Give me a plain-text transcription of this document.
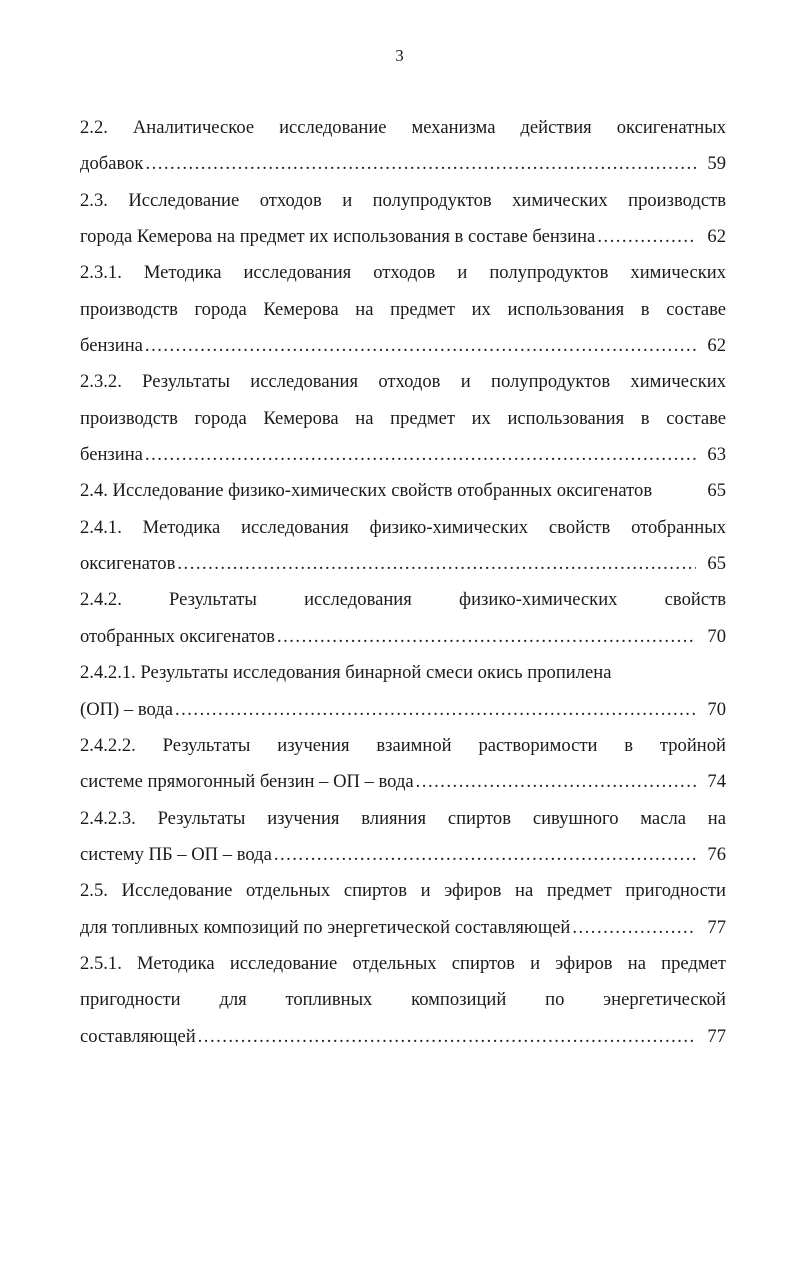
3
2.2. Аналитическое исследование механизма действия оксигенатных
добавок .....	59
2.3. Исследование отходов и полупродуктов химических производств
города Кемерова на предмет их использования в составе бензина .....	62
2.3.1. Методика исследования отходов и полупродуктов химических
производств города Кемерова на предмет их использования в составе
бензина .....	62
2.3.2. Результаты исследования отходов и полупродуктов химических
производств города Кемерова на предмет их использования в составе
бензина .....	63
2.4. Исследование физико-химических свойств отобранных оксигенатов	65
2.4.1. Методика исследования физико-химических свойств отобранных
оксигенатов .....	65
2.4.2. Результаты исследования физико-химических свойств
отобранных оксигенатов .....	70
2.4.2.1. Результаты исследования бинарной смеси окись пропилена
(ОП) – вода .....	70
2.4.2.2. Результаты изучения взаимной растворимости в тройной
системе прямогонный бензин – ОП – вода .....	74
2.4.2.3. Результаты изучения влияния спиртов сивушного масла на
систему ПБ – ОП – вода .....	76
2.5. Исследование отдельных спиртов и эфиров на предмет пригодности
для топливных композиций по энергетической составляющей .....	77
2.5.1. Методика исследование отдельных спиртов и эфиров на предмет
пригодности для топливных композиций по энергетической
составляющей .....	77
